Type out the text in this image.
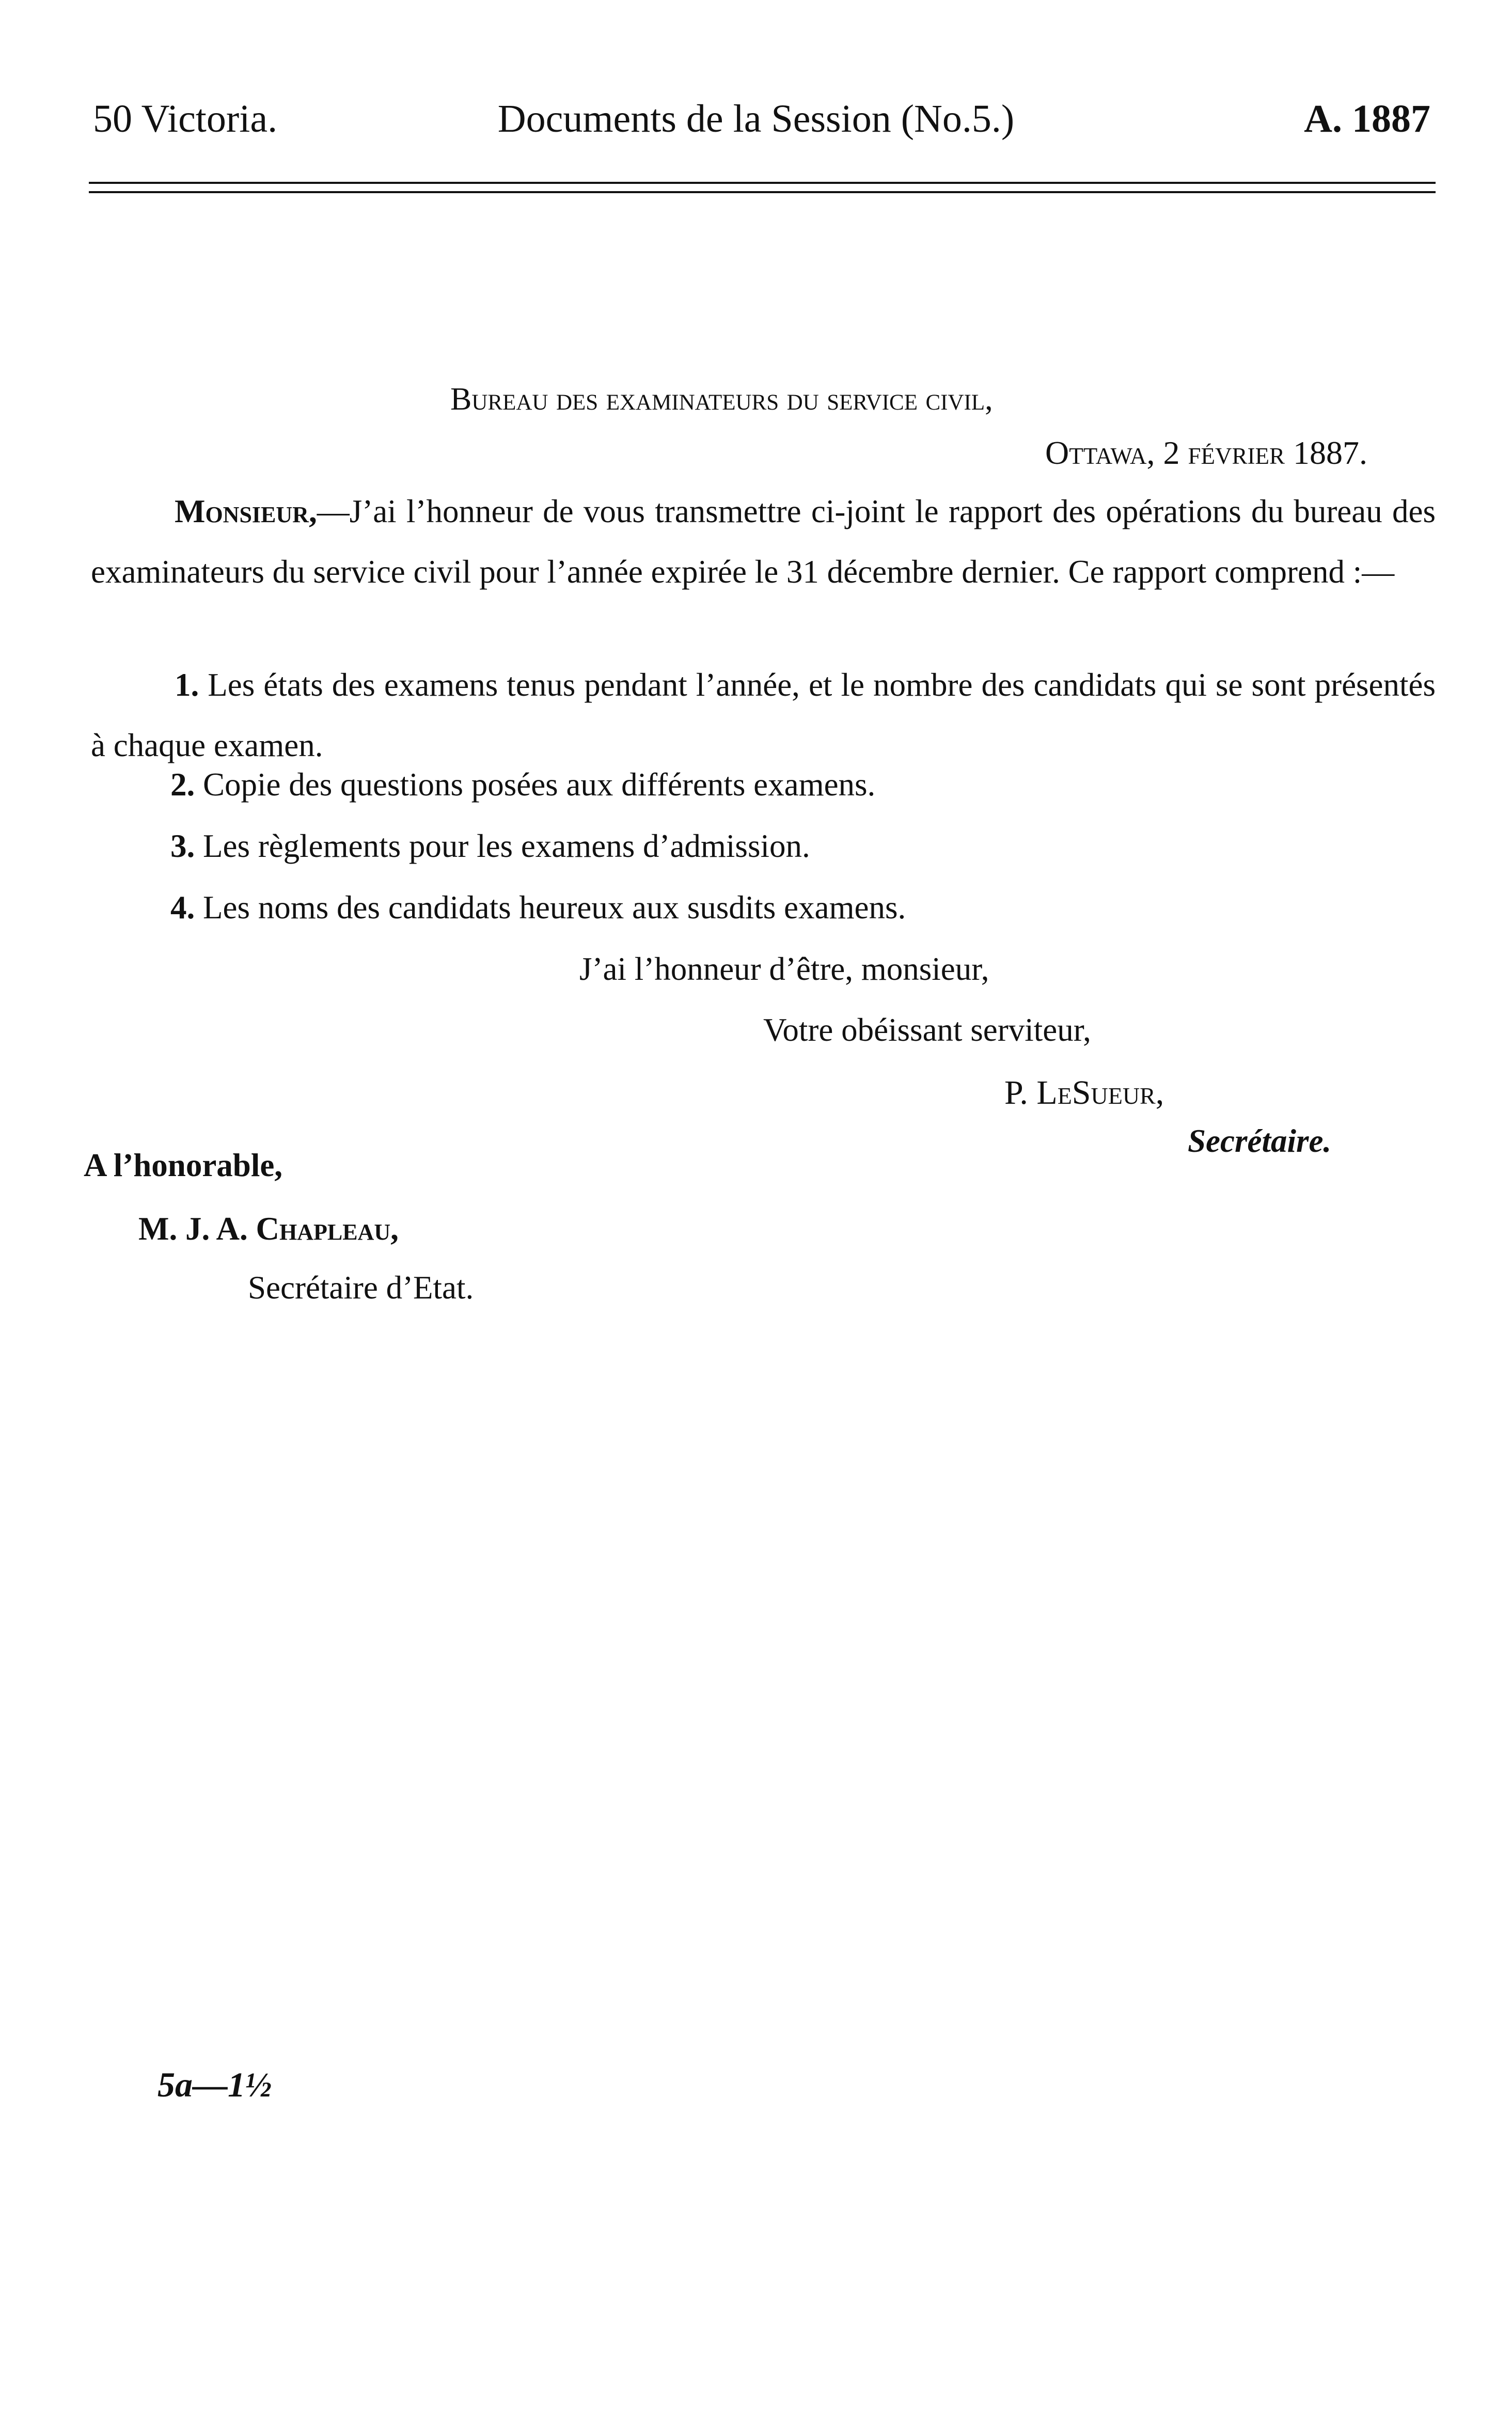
50 Victoria.	Documents de la Session (No.5.)	A. 1887
Bureau des examinateurs du service civil,
Ottawa, 2 février 1887.
Monsieur,—J’ai l’honneur de vous transmettre ci-joint le rapport des opérations du bureau des examinateurs du service civil pour l’année expirée le 31 décembre dernier. Ce rapport comprend :—
1. Les états des examens tenus pendant l’année, et le nombre des candidats qui se sont présentés à chaque examen.
2. Copie des questions posées aux différents examens.
3. Les règlements pour les examens d’admission.
4. Les noms des candidats heureux aux susdits examens.
J’ai l’honneur d’être, monsieur,
Votre obéissant serviteur,
P. LeSueur,
Secrétaire.
A l’honorable,
M. J. A. Chapleau,
Secrétaire d’Etat.
5a—1½
